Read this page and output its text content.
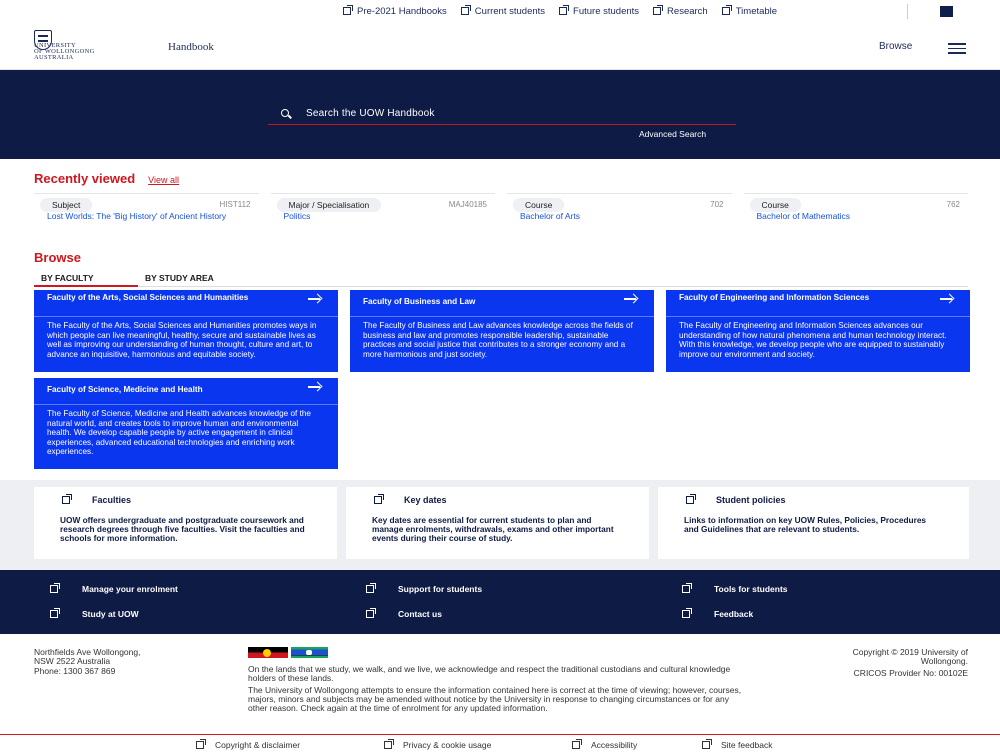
Pre-2021 Handbooks	Current students	Future students	Research	Timetable
UNIVERSITY
OF WOLLONGONG
AUSTRALIA
Handbook	Browse
Search the UOW Handbook
Advanced Search
Recently viewed View all
Subject	HIST112
Lost Worlds: The 'Big History' of Ancient History
Major / Specialisation	MAJ40185
Politics
Course	702
Bachelor of Arts
Course	762
Bachelor of Mathematics
Browse
BY FACULTY	BY STUDY AREA
Faculty of the Arts, Social Sciences and Humanities
The Faculty of the Arts, Social Sciences and Humanities promotes ways in which people can live meaningful, healthy, secure and sustainable lives as well as improving our understanding of human thought, culture and art, to advance an inquisitive, harmonious and equitable society.
Faculty of Business and Law
The Faculty of Business and Law advances knowledge across the fields of business and law and promotes responsible leadership, sustainable practices and social justice that contributes to a stronger economy and a more harmonious and just society.
Faculty of Engineering and Information Sciences
The Faculty of Engineering and Information Sciences advances our understanding of how natural phenomena and human technology interact. With this knowledge, we develop people who are equipped to sustainably improve our environment and society.
Faculty of Science, Medicine and Health
The Faculty of Science, Medicine and Health advances knowledge of the natural world, and creates tools to improve human and environmental health. We develop capable people by active engagement in clinical experiences, advanced educational technologies and enriching work experiences.
Faculties
UOW offers undergraduate and postgraduate coursework and research degrees through five faculties. Visit the faculties and schools for more information.
Key dates
Key dates are essential for current students to plan and manage enrolments, withdrawals, exams and other important events during their course of study.
Student policies
Links to information on key UOW Rules, Policies, Procedures and Guidelines that are relevant to students.
Manage your enrolment	Support for students	Tools for students
Study at UOW	Contact us	Feedback
Northfields Ave Wollongong,
NSW 2522 Australia
Phone: 1300 367 869	On the lands that we study, we walk, and we live, we acknowledge and respect the traditional custodians and cultural knowledge holders of these lands.
The University of Wollongong attempts to ensure the information contained here is correct at the time of viewing; however, courses, majors, minors and subjects may be amended without notice by the University in response to changing circumstances or for any other reason. Check again at the time of enrolment for any updated information.
Copyright © 2019 University of
Wollongong.
CRICOS Provider No: 00102E
Copyright & disclaimer	Privacy & cookie usage	Accessibility	Site feedback
